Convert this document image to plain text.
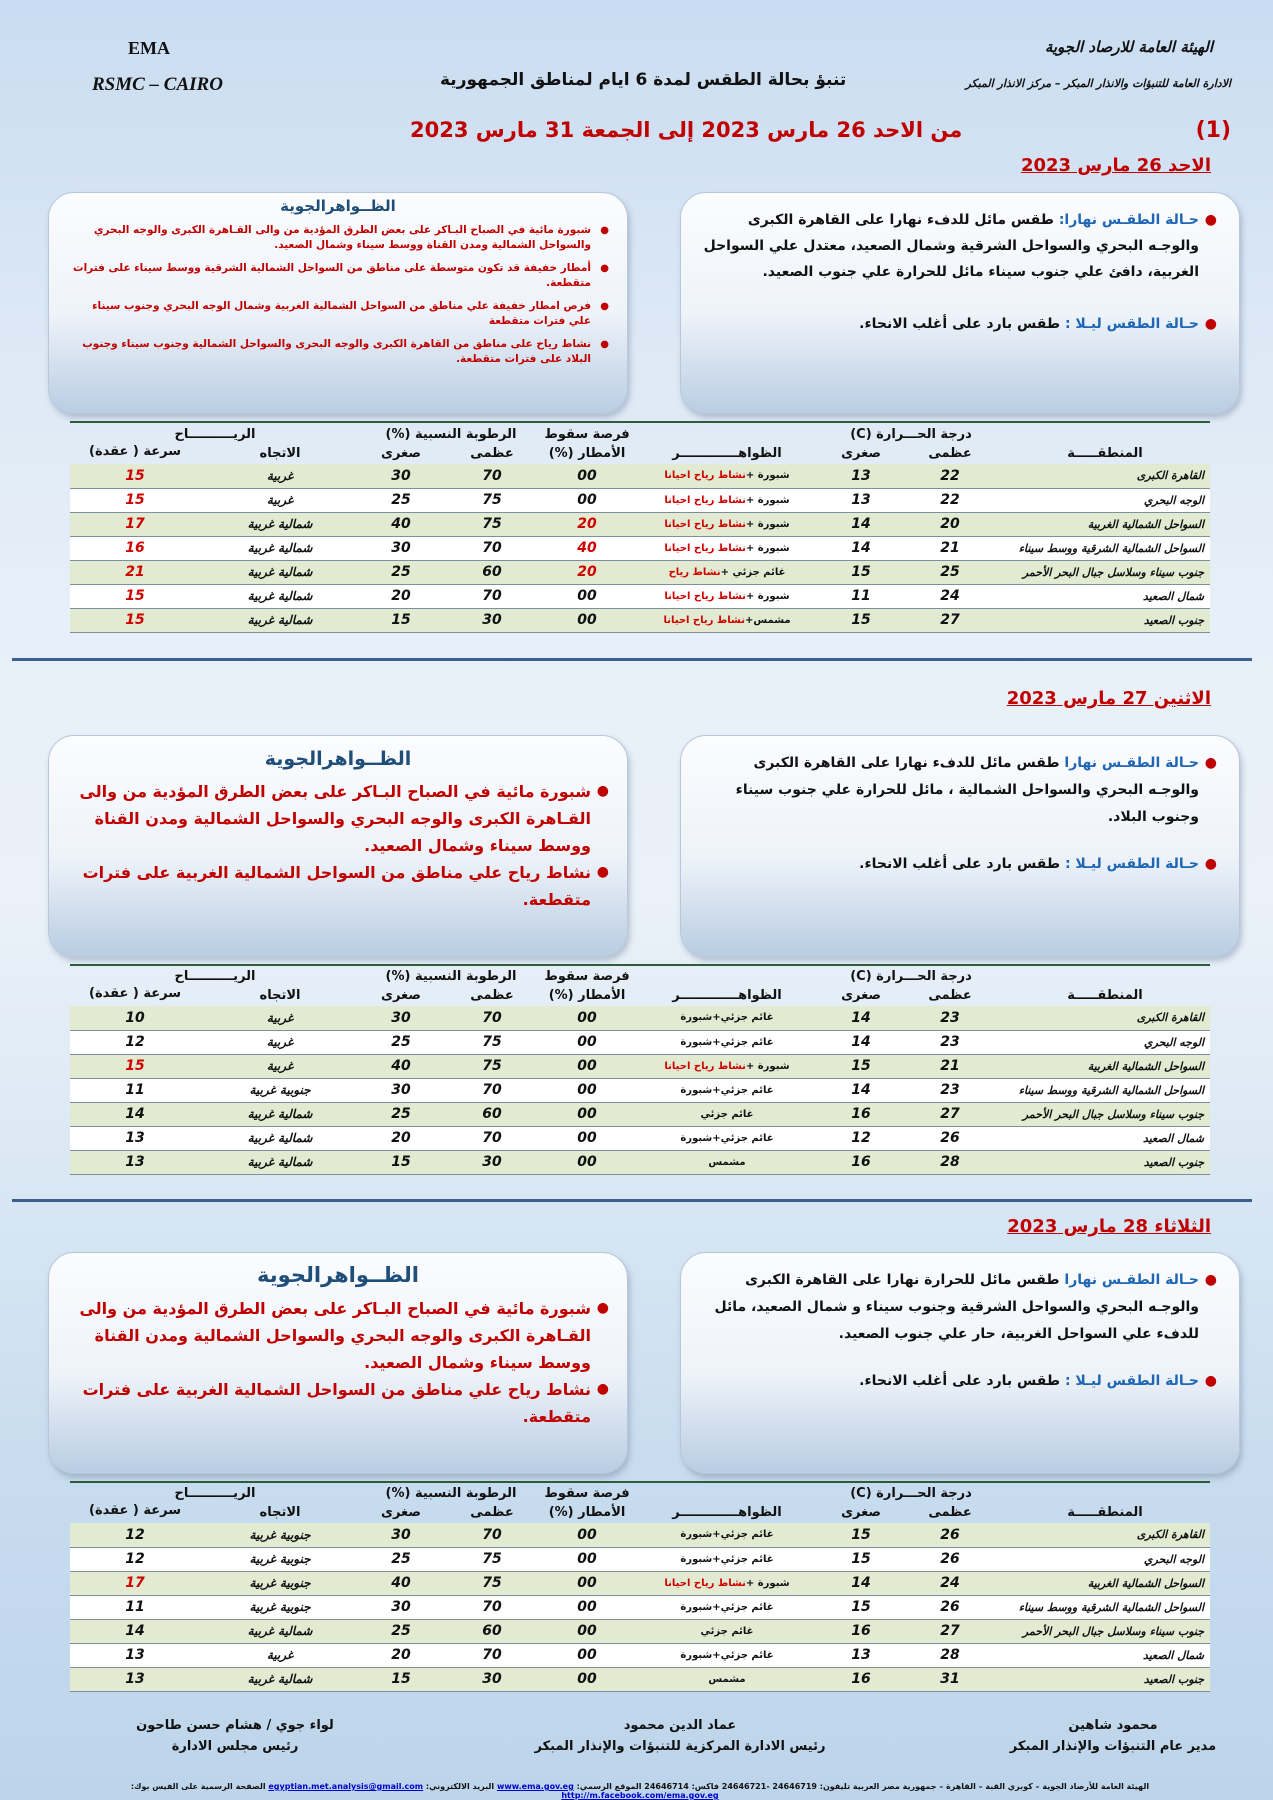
EMA
RSMC – CAIRO
الهيئة العامة للارصاد الجوية
الادارة العامة للتنبؤات والانذار المبكر – مركز الانذار المبكر
تنبؤ بحالة الطقس لمدة 6 ايام لمناطق الجمهورية
من الاحد 26 مارس 2023 إلى الجمعة 31 مارس 2023	(1)
الاحد 26 مارس 2023
●
حـالة الطقـس نهارا: طقس مائل للدفء نهارا على القاهرة الكبرى والوجـه البحري والسواحل الشرقية وشمال الصعيد، معتدل علي السواحل الغربية، دافئ علي جنوب سيناء مائل للحرارة علي جنوب الصعيد.
●
حـالة الطقس ليـلا : طقس بارد على أغلب الانحاء.
الظــواهرالجوية
●
شبورة مائية في الصباح البـاكر على بعض الطرق المؤدية من والى القـاهرة الكبرى والوجه البحري والسواحل الشمالية ومدن القناة ووسط سيناء وشمال الصعيد.
●
أمطار خفيفة قد تكون متوسطة على مناطق من السواحل الشمالية الشرقية ووسط سيناء على فترات متقطعة.
●
فرص امطار خفيفة علي مناطق من السواحل الشمالية الغربية وشمال الوجه البحري وجنوب سيناء علي فترات متقطعة
●
نشاط رياح على مناطق من القاهرة الكبرى والوجه البحرى والسواحل الشمالية وجنوب سيناء وجنوب البلاد على فترات متقطعة.
	درجة الحـــرارة (C)			فرصة سقوط	الرطوبة النسبية (%)		الريــــــــــاح	
المنطقـــــة	عظمى	صغرى	الظواهـــــــــــــر	الأمطار (%)	عظمى	صغرى	الاتجاه	سرعة ( عقدة)
القاهرة الكبرى	22	13	شبورة +نشاط رياح احيانا	00	70	30	غربية	15
الوجه البحري	22	13	شبورة +نشاط رياح احيانا	00	75	25	غربية	15
السواحل الشمالية الغربية	20	14	شبورة +نشاط رياح احيانا	20	75	40	شمالية غربية	17
السواحل الشمالية الشرقية ووسط سيناء	21	14	شبورة +نشاط رياح احيانا	40	70	30	شمالية غربية	16
جنوب سيناء وسلاسل جبال البحر الأحمر	25	15	غائم جزئي +نشاط رياح	20	60	25	شمالية غربية	21
شمال الصعيد	24	11	شبورة +نشاط رياح احيانا	00	70	20	شمالية غربية	15
جنوب الصعيد	27	15	مشمس+نشاط رياح احيانا	00	30	15	شمالية غربية	15
الاثنين 27 مارس 2023
●
حـالة الطقـس نهارا طقس مائل للدفء نهارا على القاهرة الكبرى والوجـه البحري والسواحل الشمالية ، مائل للحرارة علي جنوب سيناء وجنوب البلاد.
●
حـالة الطقس ليـلا : طقس بارد على أغلب الانحاء.
الظــواهرالجوية
●
شبورة مائية في الصباح البـاكر على بعض الطرق المؤدية من والى القـاهرة الكبرى والوجه البحري والسواحل الشمالية ومدن القناة ووسط سيناء وشمال الصعيد.
●
نشاط رياح علي مناطق من السواحل الشمالية الغربية على فترات متقطعة.
	درجة الحـــرارة (C)			فرصة سقوط	الرطوبة النسبية (%)		الريــــــــــاح	
المنطقـــــة	عظمى	صغرى	الظواهـــــــــــــر	الأمطار (%)	عظمى	صغرى	الاتجاه	سرعة ( عقدة)
القاهرة الكبرى	23	14	غائم جزئي+شبورة	00	70	30	غربية	10
الوجه البحري	23	14	غائم جزئي+شبورة	00	75	25	غربية	12
السواحل الشمالية الغربية	21	15	شبورة +نشاط رياح احيانا	00	75	40	غربية	15
السواحل الشمالية الشرقية ووسط سيناء	23	14	غائم جزئي+شبورة	00	70	30	جنوبية غربية	11
جنوب سيناء وسلاسل جبال البحر الأحمر	27	16	غائم جزئي	00	60	25	شمالية غربية	14
شمال الصعيد	26	12	غائم جزئي+شبورة	00	70	20	شمالية غربية	13
جنوب الصعيد	28	16	مشمس	00	30	15	شمالية غربية	13
الثلاثاء 28 مارس 2023
●
حـالة الطقـس نهارا طقس مائل للحرارة نهارا على القاهرة الكبرى والوجـه البحري والسواحل الشرقية وجنوب سيناء و شمال الصعيد، مائل للدفء علي السواحل الغربية، حار علي جنوب الصعيد.
●
حـالة الطقس ليـلا : طقس بارد على أغلب الانحاء.
الظــواهرالجوية
●
شبورة مائية في الصباح البـاكر على بعض الطرق المؤدية من والى القـاهرة الكبرى والوجه البحري والسواحل الشمالية ومدن القناة ووسط سيناء وشمال الصعيد.
●
نشاط رياح علي مناطق من السواحل الشمالية الغربية على فترات متقطعة.
	درجة الحـــرارة (C)			فرصة سقوط	الرطوبة النسبية (%)		الريــــــــــاح	
المنطقـــــة	عظمى	صغرى	الظواهـــــــــــــر	الأمطار (%)	عظمى	صغرى	الاتجاه	سرعة ( عقدة)
القاهرة الكبرى	26	15	غائم جزئي+شبورة	00	70	30	جنوبية غربية	12
الوجه البحري	26	15	غائم جزئي+شبورة	00	75	25	جنوبية غربية	12
السواحل الشمالية الغربية	24	14	شبورة +نشاط رياح احيانا	00	75	40	جنوبية غربية	17
السواحل الشمالية الشرقية ووسط سيناء	26	15	غائم جزئي+شبورة	00	70	30	جنوبية غربية	11
جنوب سيناء وسلاسل جبال البحر الأحمر	27	16	غائم جزئي	00	60	25	شمالية غربية	14
شمال الصعيد	28	13	غائم جزئي+شبورة	00	70	20	غربية	13
جنوب الصعيد	31	16	مشمس	00	30	15	شمالية غربية	13
محمود شاهين
مدير عام التنبؤات والإنذار المبكر
عماد الدين محمود
رئيس الادارة المركزية للتنبؤات والإنذار المبكر
لواء جوي / هشام حسن طاحون
رئيس مجلس الادارة
الهيئة العامة للأرصاد الجوية – كوبري القبة – القاهرة – جمهورية مصر العربية تليفون: 24646719 -24646721 فاكس: 24646714 الموقع الرسمي: www.ema.gov.eg البريد الالكتروني: egyptian.met.analysis@gmail.com الصفحة الرسمية على الفيس بوك: http://m.facebook.com/ema.gov.eg
